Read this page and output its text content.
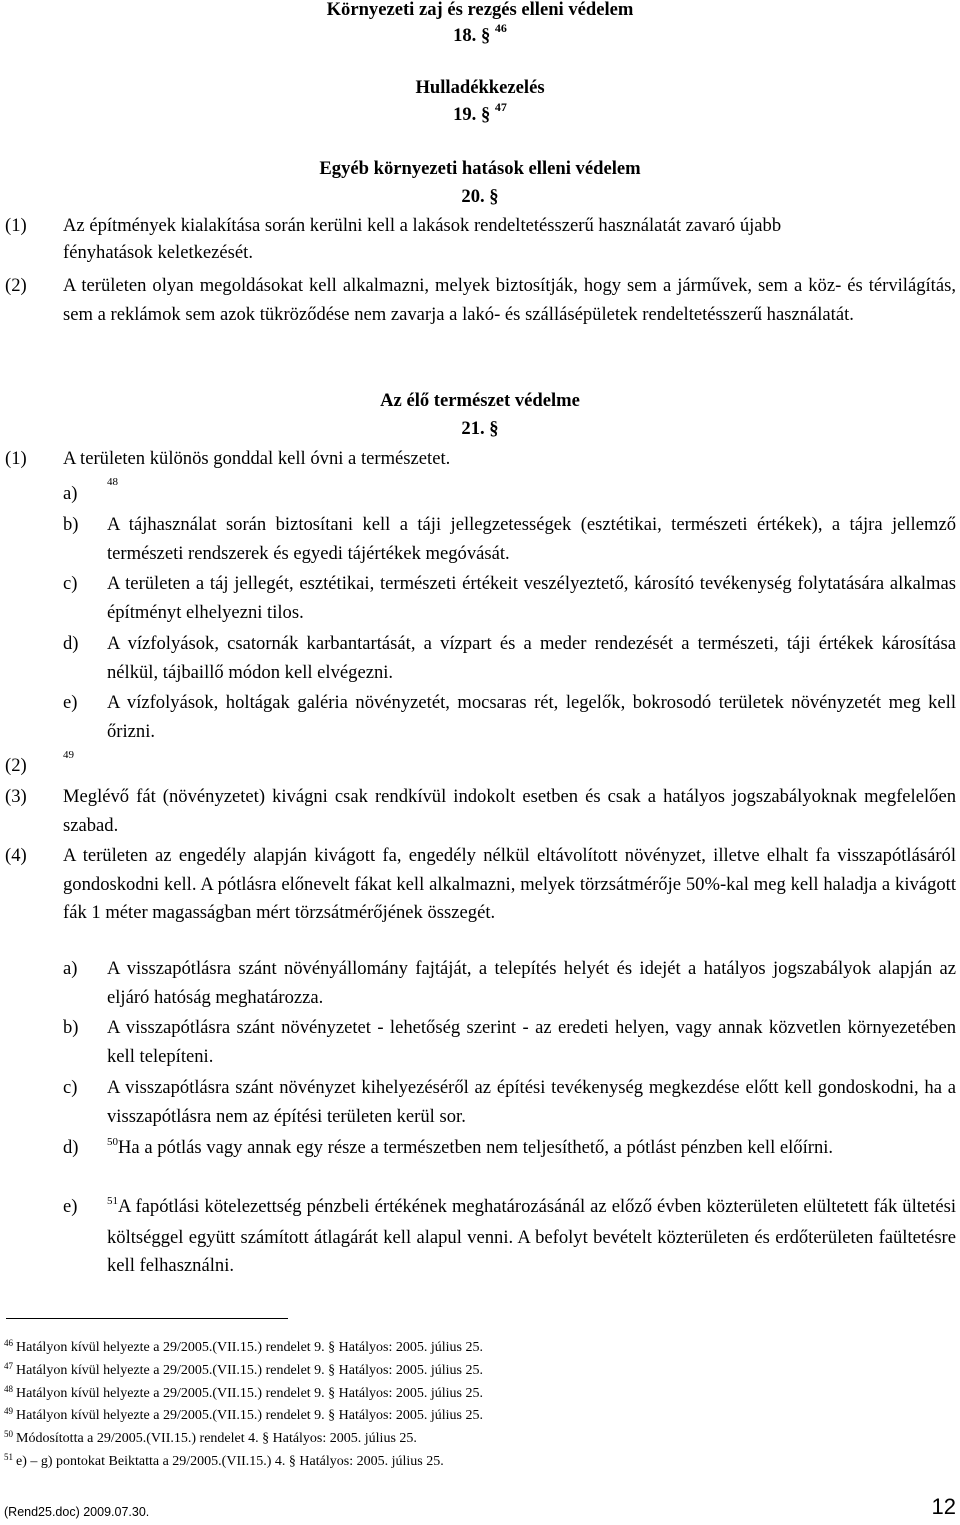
Környezeti zaj és rezgés elleni védelem
18. § $^{46}$
Hulladékkezelés
19. § $^{47}$
Egyéb környezeti hatások elleni védelem
20. §
(1) Az építmények kialakítása során kerülni kell a lakások rendeltetésszerű használatát zavaró újabb
fényhatások keletkezését.
(2) A területen olyan megoldásokat kell alkalmazni, melyek biztosítják, hogy sem a járművek, sem a köz- és térvilágítás, sem a reklámok sem azok tükröződése nem zavarja a lakó- és szállásépületek rendeltetésszerű használatát.
Az élő természet védelme
21. §
(1) A területen különös gonddal kell óvni a természetet.
a)
48
b) A tájhasználat során biztosítani kell a táji jellegzetességek (esztétikai, természeti értékek), a tájra jellemző természeti rendszerek és egyedi tájértékek megóvását.
c) A területen a táj jellegét, esztétikai, természeti értékeit veszélyeztető, károsító tevékenység folytatására alkalmas építményt elhelyezni tilos.
d) A vízfolyások, csatornák karbantartását, a vízpart és a meder rendezését a természeti, táji értékek károsítása nélkül, tájbaillő módon kell elvégezni.
e) A vízfolyások, holtágak galéria növényzetét, mocsaras rét, legelők, bokrosodó területek növényzetét meg kell őrizni.
(2)	49
(3) Meglévő fát (növényzetet) kivágni csak rendkívül indokolt esetben és csak a hatályos jogszabályoknak megfelelően szabad.
(4) A területen az engedély alapján kivágott fa, engedély nélkül eltávolított növényzet, illetve elhalt fa visszapótlásáról gondoskodni kell. A pótlásra előnevelt fákat kell alkalmazni, melyek törzsátmérője 50%-kal meg kell haladja a kivágott fák 1 méter magasságban mért törzsátmérőjének összegét.
a) A visszapótlásra szánt növényállomány fajtáját, a telepítés helyét és idejét a hatályos jogszabályok alapján az eljáró hatóság meghatározza.
b) A visszapótlásra szánt növényzetet - lehetőség szerint - az eredeti helyen, vagy annak közvetlen környezetében kell telepíteni.
c) A visszapótlásra szánt növényzet kihelyezéséről az építési tevékenység megkezdése előtt kell gondoskodni, ha a visszapótlásra nem az építési területen kerül sor.
d)	$^{50}$Ha a pótlás vagy annak egy része a természetben nem teljesíthető, a pótlást pénzben kell előírni.
e)	$^{51}$A fapótlási kötelezettség pénzbeli értékének meghatározásánál az előző évben közterületen elültetett fák ültetési költséggel együtt számított átlagárát kell alapul venni. A befolyt bevételt közterületen és erdőterületen faültetésre kell felhasználni.
$^{46}$ Hatályon kívül helyezte a 29/2005.(VII.15.) rendelet 9. § Hatályos: 2005. július 25.
$^{47}$ Hatályon kívül helyezte a 29/2005.(VII.15.) rendelet 9. § Hatályos: 2005. július 25.
$^{48}$ Hatályon kívül helyezte a 29/2005.(VII.15.) rendelet 9. § Hatályos: 2005. július 25.
$^{49}$ Hatályon kívül helyezte a 29/2005.(VII.15.) rendelet 9. § Hatályos: 2005. július 25.
$^{50}$ Módosította a 29/2005.(VII.15.) rendelet 4. § Hatályos: 2005. július 25.
$^{51}$ e) – g) pontokat Beiktatta a 29/2005.(VII.15.) 4. § Hatályos: 2005. július 25.
(Rend25.doc) 2009.07.30.	12
